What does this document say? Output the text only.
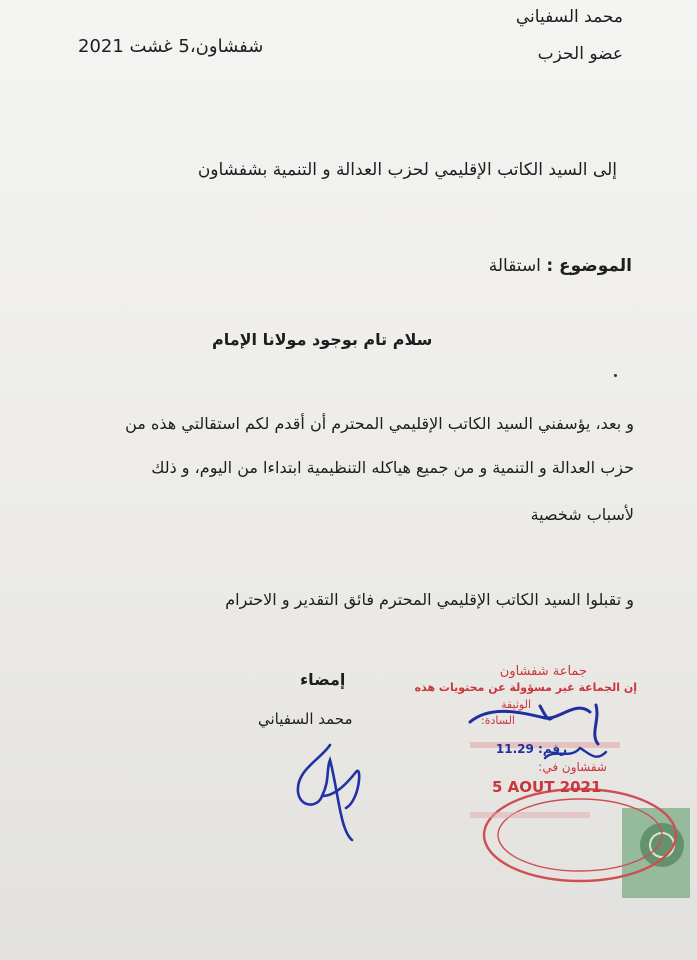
محمد السفياني
عضو الحزب
شفشاون،5 غشت 2021
إلى السيد الكاتب الإقليمي لحزب العدالة و التنمية بشفشاون
الموضوع : استقالة
سلام تام بوجود مولانا الإمام
و بعد، يؤسفني السيد الكاتب الإقليمي المحترم أن أقدم لكم استقالتي هذه من
حزب العدالة و التنمية و من جميع هياكله التنظيمية ابتداءا من اليوم، و ذلك
لأسباب شخصية
و تقبلوا السيد الكاتب الإقليمي المحترم فائق التقدير و الاحترام
إمضاء
محمد السفياني
جماعة شفشاون
إن الجماعة غير مسؤولة عن محتويات هذه
الوثيقة
السادة:
رقم: 11.29
شفشاون في:
5 AOUT 2021
